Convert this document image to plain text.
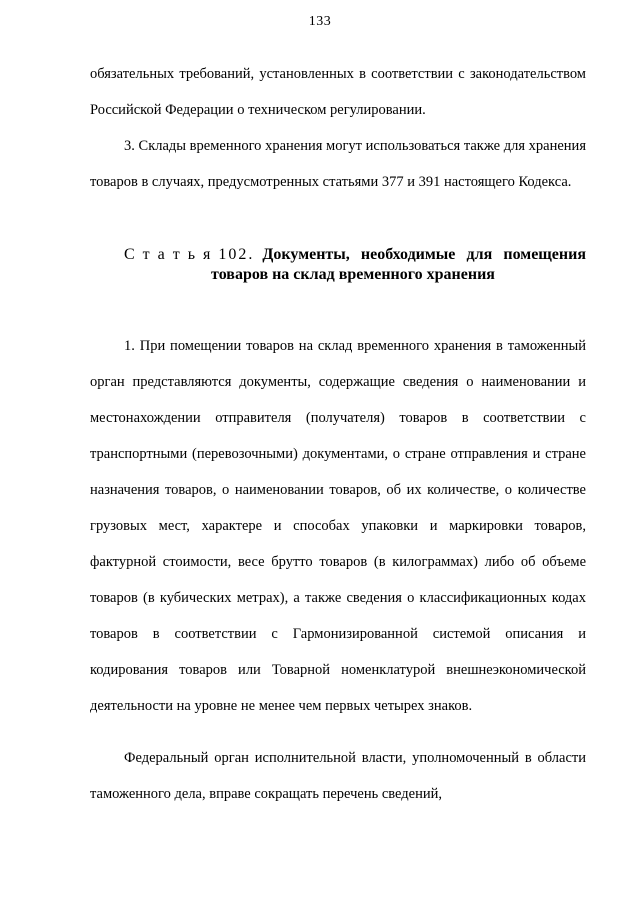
133

обязательных требований, установленных в соответствии с законодательством Российской Федерации о техническом регулировании.

3. Склады временного хранения могут использоваться также для хранения товаров в случаях, предусмотренных статьями 377 и 391 настоящего Кодекса.

С т а т ь я 102. Документы, необходимые для помещения
товаров на склад временного хранения

1. При помещении товаров на склад временного хранения в таможенный орган представляются документы, содержащие сведения о наименовании и местонахождении отправителя (получателя) товаров в соответствии с транспортными (перевозочными) документами, о стране отправления и стране назначения товаров, о наименовании товаров, об их количестве, о количестве грузовых мест, характере и способах упаковки и маркировки товаров, фактурной стоимости, весе брутто товаров (в килограммах) либо об объеме товаров (в кубических метрах), а также сведения о классификационных кодах товаров в соответствии с Гармонизированной системой описания и кодирования товаров или Товарной номенклатурой внешнеэкономической деятельности на уровне не менее чем первых четырех знаков.

Федеральный орган исполнительной власти, уполномоченный в области таможенного дела, вправе сокращать перечень сведений,
